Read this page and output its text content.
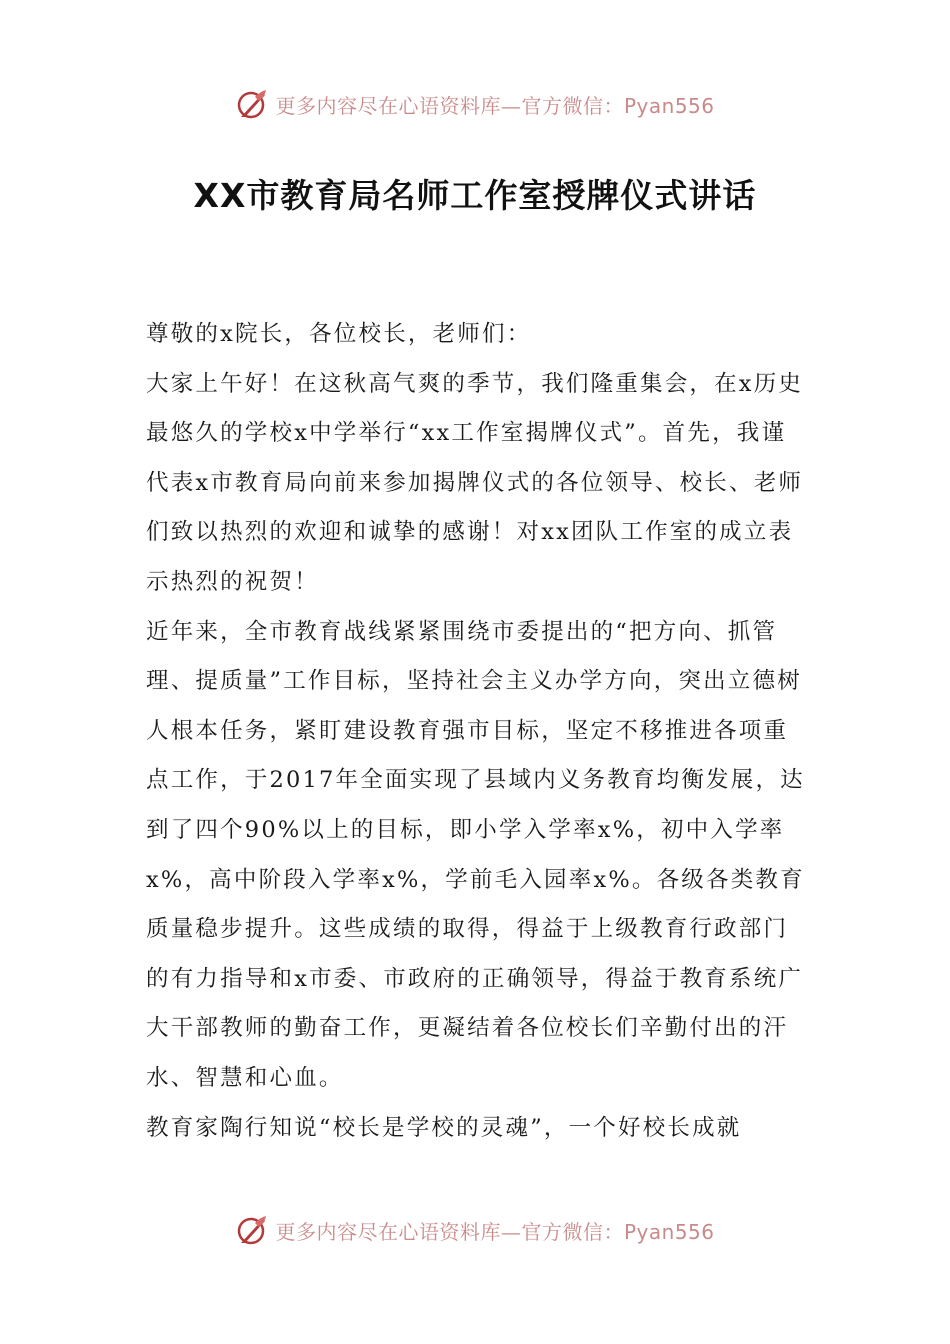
更多内容尽在心语资料库—官方微信：Pyan556
XX市教育局名师工作室授牌仪式讲话

尊敬的x院长，各位校长，老师们：

大家上午好！在这秋高气爽的季节，我们隆重集会，在x历史最悠久的学校x中学举行“xx工作室揭牌仪式”。首先，我谨代表x市教育局向前来参加揭牌仪式的各位领导、校长、老师们致以热烈的欢迎和诚挚的感谢！对xx团队工作室的成立表示热烈的祝贺！

近年来，全市教育战线紧紧围绕市委提出的“把方向、抓管理、提质量”工作目标，坚持社会主义办学方向，突出立德树人根本任务，紧盯建设教育强市目标，坚定不移推进各项重点工作，于2017年全面实现了县域内义务教育均衡发展，达到了四个90%以上的目标，即小学入学率x%，初中入学率x%，高中阶段入学率x%，学前毛入园率x%。各级各类教育质量稳步提升。这些成绩的取得，得益于上级教育行政部门的有力指导和x市委、市政府的正确领导，得益于教育系统广大干部教师的勤奋工作，更凝结着各位校长们辛勤付出的汗水、智慧和心血。

教育家陶行知说“校长是学校的灵魂”，一个好校长成就

更多内容尽在心语资料库—官方微信：Pyan556
